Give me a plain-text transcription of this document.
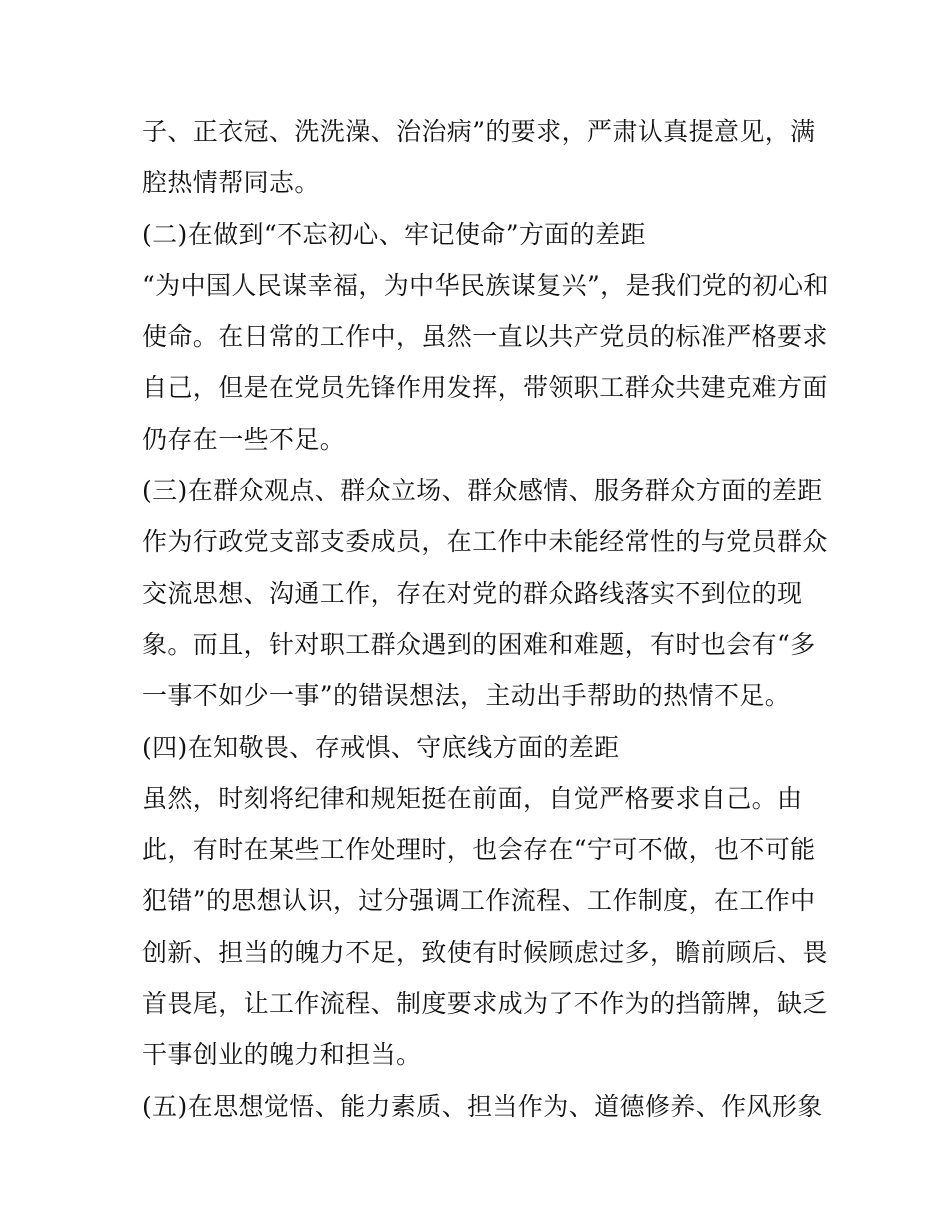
子、正衣冠、洗洗澡、治治病”的要求，严肃认真提意见，满
腔热情帮同志。
(二)在做到“不忘初心、牢记使命”方面的差距
“为中国人民谋幸福，为中华民族谋复兴”，是我们党的初心和
使命。在日常的工作中，虽然一直以共产党员的标准严格要求
自己，但是在党员先锋作用发挥，带领职工群众共建克难方面
仍存在一些不足。
(三)在群众观点、群众立场、群众感情、服务群众方面的差距
作为行政党支部支委成员，在工作中未能经常性的与党员群众
交流思想、沟通工作，存在对党的群众路线落实不到位的现
象。而且，针对职工群众遇到的困难和难题，有时也会有“多
一事不如少一事”的错误想法，主动出手帮助的热情不足。
(四)在知敬畏、存戒惧、守底线方面的差距
虽然，时刻将纪律和规矩挺在前面，自觉严格要求自己。由
此，有时在某些工作处理时，也会存在“宁可不做，也不可能
犯错”的思想认识，过分强调工作流程、工作制度，在工作中
创新、担当的魄力不足，致使有时候顾虑过多，瞻前顾后、畏
首畏尾，让工作流程、制度要求成为了不作为的挡箭牌，缺乏
干事创业的魄力和担当。
(五)在思想觉悟、能力素质、担当作为、道德修养、作风形象
